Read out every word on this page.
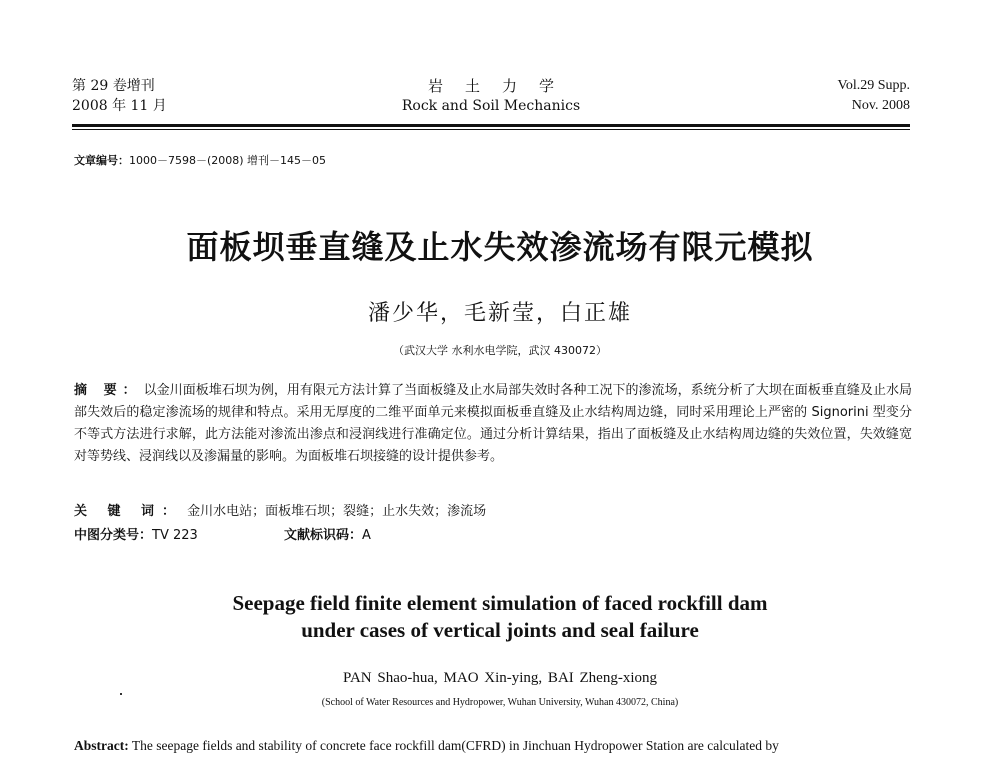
第 29 卷增刊
2008 年 11 月
岩土力学
Rock and Soil Mechanics
Vol.29 Supp.
Nov. 2008
文章编号：1000－7598－(2008) 增刊－145－05
面板坝垂直缝及止水失效渗流场有限元模拟
潘少华，毛新莹，白正雄
（武汉大学 水利水电学院，武汉 430072）
摘 要： 以金川面板堆石坝为例，用有限元方法计算了当面板缝及止水局部失效时各种工况下的渗流场，系统分析了大坝在面板垂直缝及止水局部失效后的稳定渗流场的规律和特点。采用无厚度的二维平面单元来模拟面板垂直缝及止水结构周边缝，同时采用理论上严密的 Signorini 型变分不等式方法进行求解，此方法能对渗流出渗点和浸润线进行准确定位。通过分析计算结果，指出了面板缝及止水结构周边缝的失效位置，失效缝宽对等势线、浸润线以及渗漏量的影响。为面板堆石坝接缝的设计提供参考。
关 键 词： 金川水电站；面板堆石坝；裂缝；止水失效；渗流场
中图分类号：TV 223	文献标识码：A
Seepage field finite element simulation of faced rockfill dam
under cases of vertical joints and seal failure
PAN Shao-hua, MAO Xin-ying, BAI Zheng-xiong
(School of Water Resources and Hydropower, Wuhan University, Wuhan 430072, China)
Abstract: The seepage fields and stability of concrete face rockfill dam(CFRD) in Jinchuan Hydropower Station are calculated by
